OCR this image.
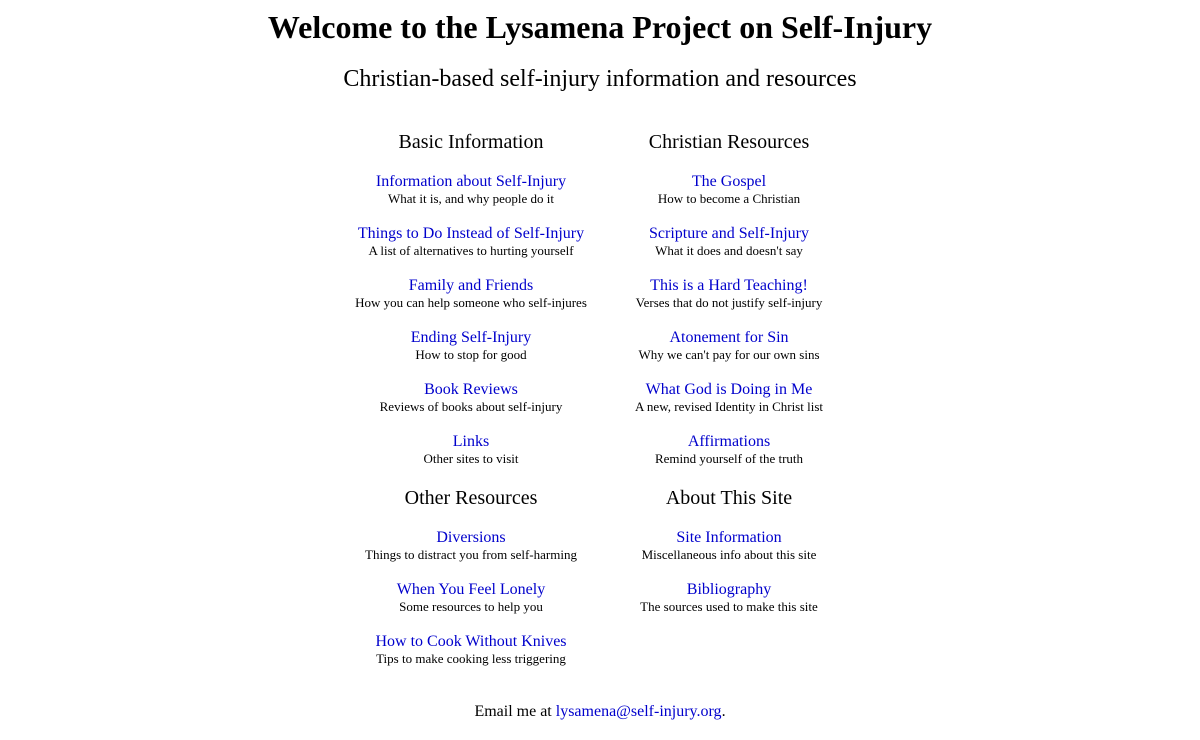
Welcome to the Lysamena Project on Self-Injury
Christian-based self-injury information and resources
Basic Information
Information about Self-Injury
What it is, and why people do it
Things to Do Instead of Self-Injury
A list of alternatives to hurting yourself
Family and Friends
How you can help someone who self-injures
Ending Self-Injury
How to stop for good
Book Reviews
Reviews of books about self-injury
Links
Other sites to visit
Christian Resources
The Gospel
How to become a Christian
Scripture and Self-Injury
What it does and doesn't say
This is a Hard Teaching!
Verses that do not justify self-injury
Atonement for Sin
Why we can't pay for our own sins
What God is Doing in Me
A new, revised Identity in Christ list
Affirmations
Remind yourself of the truth
Other Resources
Diversions
Things to distract you from self-harming
When You Feel Lonely
Some resources to help you
How to Cook Without Knives
Tips to make cooking less triggering
About This Site
Site Information
Miscellaneous info about this site
Bibliography
The sources used to make this site
Email me at lysamena@self-injury.org.
